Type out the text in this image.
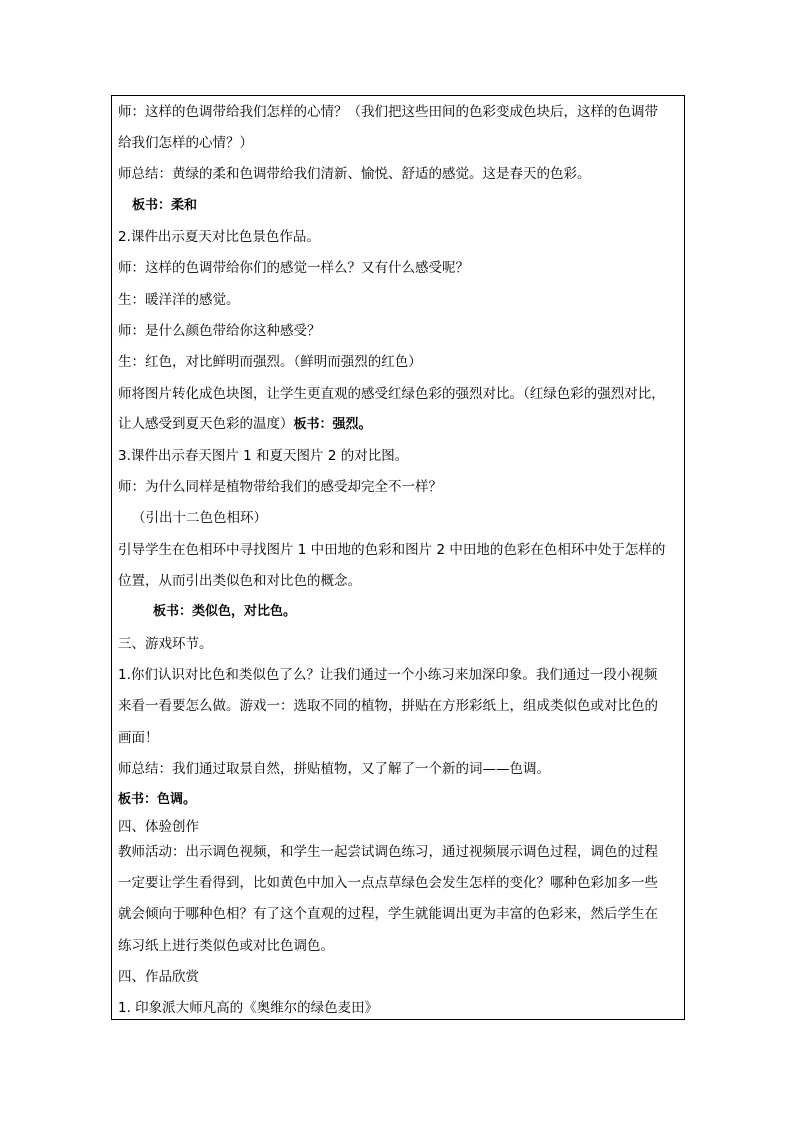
师：这样的色调带给我们怎样的心情？（我们把这些田间的色彩变成色块后，这样的色调带
给我们怎样的心情？）
师总结：黄绿的柔和色调带给我们清新、愉悦、舒适的感觉。这是春天的色彩。
板书：柔和
2.课件出示夏天对比色景色作品。
师：这样的色调带给你们的感觉一样么？又有什么感受呢？
生：暖洋洋的感觉。
师：是什么颜色带给你这种感受？
生：红色，对比鲜明而强烈。（鲜明而强烈的红色）
师将图片转化成色块图，让学生更直观的感受红绿色彩的强烈对比。（红绿色彩的强烈对比，
让人感受到夏天色彩的温度）板书：强烈。
3.课件出示春天图片 1 和夏天图片 2 的对比图。
师：为什么同样是植物带给我们的感受却完全不一样？
（引出十二色色相环）
引导学生在色相环中寻找图片 1 中田地的色彩和图片 2 中田地的色彩在色相环中处于怎样的
位置，从而引出类似色和对比色的概念。
板书：类似色，对比色。
三、游戏环节。
1.你们认识对比色和类似色了么？让我们通过一个小练习来加深印象。我们通过一段小视频
来看一看要怎么做。游戏一：选取不同的植物，拼贴在方形彩纸上，组成类似色或对比色的
画面！
师总结：我们通过取景自然，拼贴植物，又了解了一个新的词——色调。
板书：色调。
四、体验创作
教师活动：出示调色视频，和学生一起尝试调色练习，通过视频展示调色过程，调色的过程
一定要让学生看得到，比如黄色中加入一点点草绿色会发生怎样的变化？哪种色彩加多一些
就会倾向于哪种色相？有了这个直观的过程，学生就能调出更为丰富的色彩来，然后学生在
练习纸上进行类似色或对比色调色。
四、作品欣赏
1. 印象派大师凡高的《奥维尔的绿色麦田》
